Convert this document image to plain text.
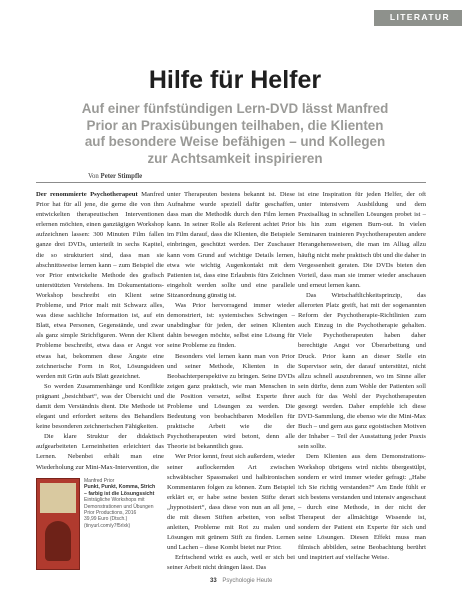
LITERATUR
Hilfe für Helfer
Auf einer fünfstündigen Lern-DVD lässt Manfred Prior an Praxisübungen teilhaben, die Klienten auf besondere Weise befähigen – und Kollegen zur Achtsamkeit inspirieren
Von Peter Stimpfle

Der renommierte Psychotherapeut Manfred Prior hat für all jene, die gerne die von ihm entwickelten therapeutischen Interventionen erlernen möchten, einen ganztägigen Workshop aufzeichnen lassen: 300 Minuten Film fallen ganze drei DVDs, unterteilt in sechs Kapitel, die so strukturiert sind, dass man sie abschnittsweise lernen kann – zum Beispiel die vor Prior entwickelte Methode des grafisch unterstützten Verstehens. Im Dokumentations-Workshop beschreibt ein Klient seine Probleme, und Prior malt mit Schwarz alles, was diese sachliche Information ist, auf ein Blatt, etwa Personen, Gegenstände, und zwar als ganz simple Strichfiguren. Wenn der Klient Probleme beschreibt, etwa dass er Angst vor etwas hat, bekommen diese Ängste eine zeichnerische Form in Rot, Lösungsideen werden mit Grün aufs Blatt gezeichnet.

So werden Zusammenhänge und Konflikte prägnant „besichtbart“, was der Übersicht und damit dem Verständnis dient. Die Methode ist elegant und erfordert seitens des Behandlers keine besonderen zeichnerischen Fähigkeiten.

Die klare Struktur der didaktisch aufgearbeiteten Lerneinheiten erleichtert das Lernen. Nebenbei erhält man eine Wiederholung zur Mini-Max-Intervention, die

unter Therapeuten bestens bekannt ist. Diese Aufnahme wurde speziell dafür geschaffen, dass man die Methodik durch den Film lernen kann. In seiner Rolle als Referent achtet Prior im Film darauf, dass die Klienten, die Beispiele einbringen, geschützt werden. Der Zuschauer kann vom Grund auf wichtige Details lernen, etwa wie wichtig Augenkontakt mit dem Patienten ist, dass eine Erlaubnis fürs Zeichnen eingeholt werden sollte und eine parallele Sitzanordnung günstig ist.

Was Prior hervorragend immer wieder demonstriert, ist: systemisches Schwingen – unabdingbar für jeden, der seinen Klienten dahin bewegen möchte, selbst eine Lösung für seine Probleme zu finden.

Besonders viel lernen kann man von Prior und seiner Methode, Klienten in die Beobachterperspektive zu bringen. Seine DVDs zeigen ganz praktisch, wie man Menschen in die Position versetzt, selbst Experte ihrer Probleme und Lösungen zu werden. Die Bedeutung von beobachtbaren Modellen für praktische Arbeit wie die der Psychotherapeuten wird betont, denn alle Theorie ist bekanntlich grau.

Wer Prior kennt, freut sich außerdem, wieder seiner auflockernden Art zwischen schwäbischer Spassmakei und halbironischen Kommentaren folgen zu können. Zum Beispiel erklärt er, er habe seine besten Stifte derart „hypnotisiert“, dass diese von nun an all jene, die mit diesen Stiften arbeiten, von selbst anleiten, Probleme mit Rot zu malen und Lösungen mit grünem Stift zu finden. Lernen und Lachen – diese Kombi bietet nur Prior.

Erfrischend wirkt es auch, weil er sich bei seiner Arbeit nicht drängen lässt. Das

ist eine Inspiration für jeden Helfer, der oft unter intensivem Ausbildung und dem Praxisalltag in schnellen Lösungen probet ist – bis hin zum eigenen Burn-out. In vielen Seminaren trainieren Psychotherapeuten andere Herangehensweisen, die man im Alltag allzu häufig nicht mehr praktisch übt und die daher in Vergessenheit geraten. Die DVDs bieten den Vorteil, dass man sie immer wieder anschauen und erneut lernen kann.

Das Wirtschaftlichkeitsprinzip, das allerorten Platz greift, hat mit der sogenannten Reform der Psychotherapie-Richtlinien zum auch Einzug in die Psychotherapie gehalten. Viele Psychotherapeuten haben daher berechtigte Angst vor Überarbeitung und Druck. Prior kann an dieser Stelle ein Supervisor sein, der darauf unterstützt, nicht allzu schnell auszubrennen, wo im Sinne aller sein dürfte, denn zum Wohle der Patienten soll auch für das Wohl der Psychotherapeuten gesorgt werden. Daher empfehle ich diese DVD-Sammlung, die ebenso wie die Mini-Max Buch – und gern aus ganz egoistischen Motiven der Inhaber – Teil der Ausstattung jeder Praxis sein sollte.

Dem Klienten aus dem Demonstrations-Workshop übrigens wird nichts übergestülpt, sondern er wird immer wieder gefragt: „Habe ich Sie richtig verstanden?“ Am Ende fühlt er sich bestens verstanden und intensiv angeschaut – durch eine Methode, in der nicht der Therapeut der allmächtige Wissende ist, sondern der Patient ein Experte für sich und seine Lösungen. Diesen Effekt muss man filmisch abbilden, seine Beobachtung berührt und inspiriert auf vielfache Weise.

Manfred Prior
Punkt, Punkt, Komma, Strich – farbig ist die Lösungssicht
Einträgliche Workshops mit Demonstrationen und Übungen
Prior Productions, 2016
39,99 Euro (Dtsch.)
(tinyurl.com/y7f5rlxk)
33 Psychologie Heute
